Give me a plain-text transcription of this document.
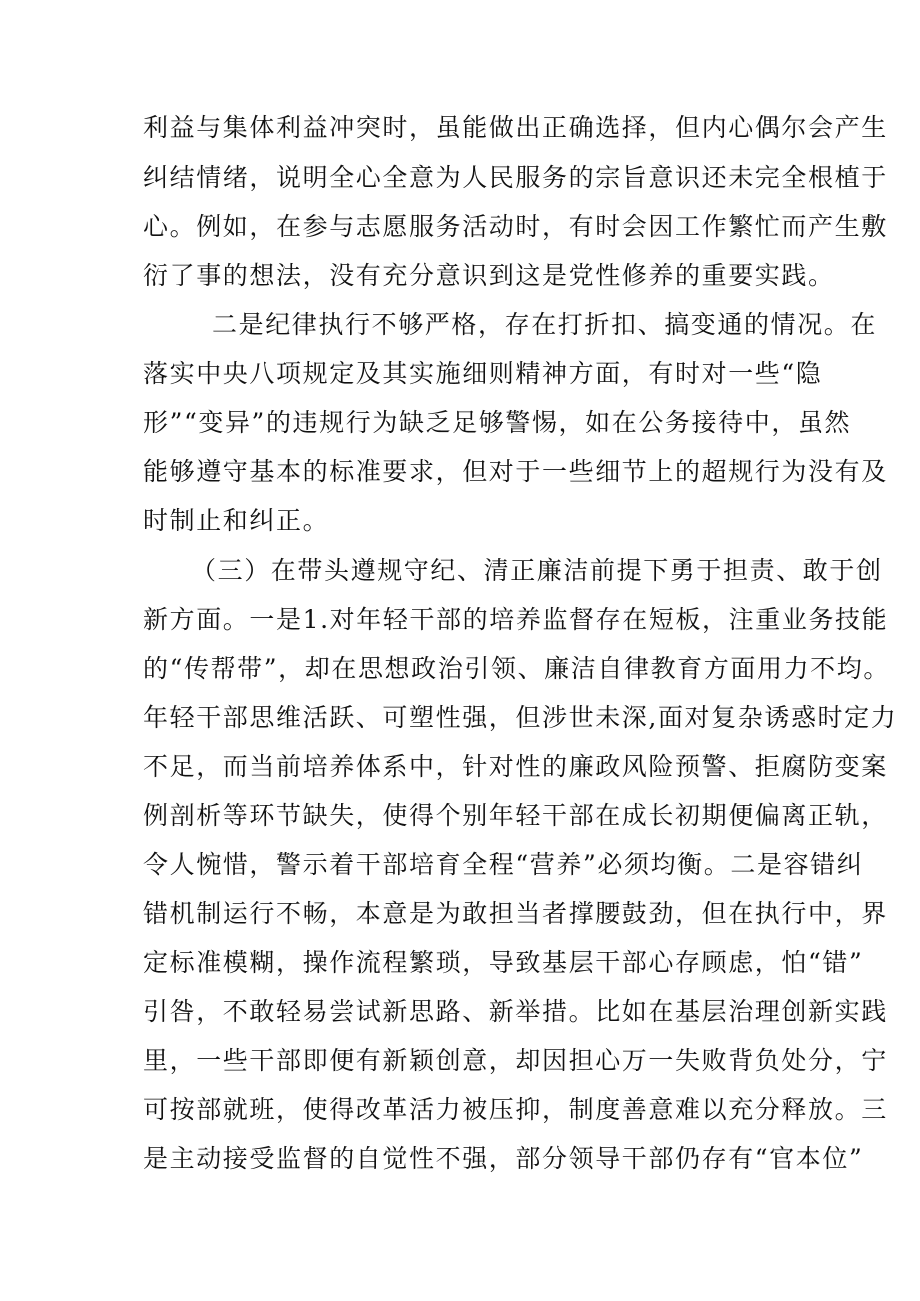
利益与集体利益冲突时，虽能做出正确选择，但内心偶尔会产生
纠结情绪，说明全心全意为人民服务的宗旨意识还未完全根植于
心。例如，在参与志愿服务活动时，有时会因工作繁忙而产生敷
衍了事的想法，没有充分意识到这是党性修养的重要实践。
二是纪律执行不够严格，存在打折扣、搞变通的情况。在
落实中央八项规定及其实施细则精神方面，有时对一些“隐
形”“变异”的违规行为缺乏足够警惕，如在公务接待中，虽然
能够遵守基本的标准要求，但对于一些细节上的超规行为没有及
时制止和纠正。
（三）在带头遵规守纪、清正廉洁前提下勇于担责、敢于创
新方面。一是1.对年轻干部的培养监督存在短板，注重业务技能
的“传帮带”，却在思想政治引领、廉洁自律教育方面用力不均。
年轻干部思维活跃、可塑性强，但涉世未深,面对复杂诱惑时定力
不足，而当前培养体系中，针对性的廉政风险预警、拒腐防变案
例剖析等环节缺失，使得个别年轻干部在成长初期便偏离正轨，
令人惋惜，警示着干部培育全程“营养”必须均衡。二是容错纠
错机制运行不畅，本意是为敢担当者撑腰鼓劲，但在执行中，界
定标准模糊，操作流程繁琐，导致基层干部心存顾虑，怕“错”
引咎，不敢轻易尝试新思路、新举措。比如在基层治理创新实践
里，一些干部即便有新颖创意，却因担心万一失败背负处分，宁
可按部就班，使得改革活力被压抑，制度善意难以充分释放。三
是主动接受监督的自觉性不强，部分领导干部仍存有“官本位”
